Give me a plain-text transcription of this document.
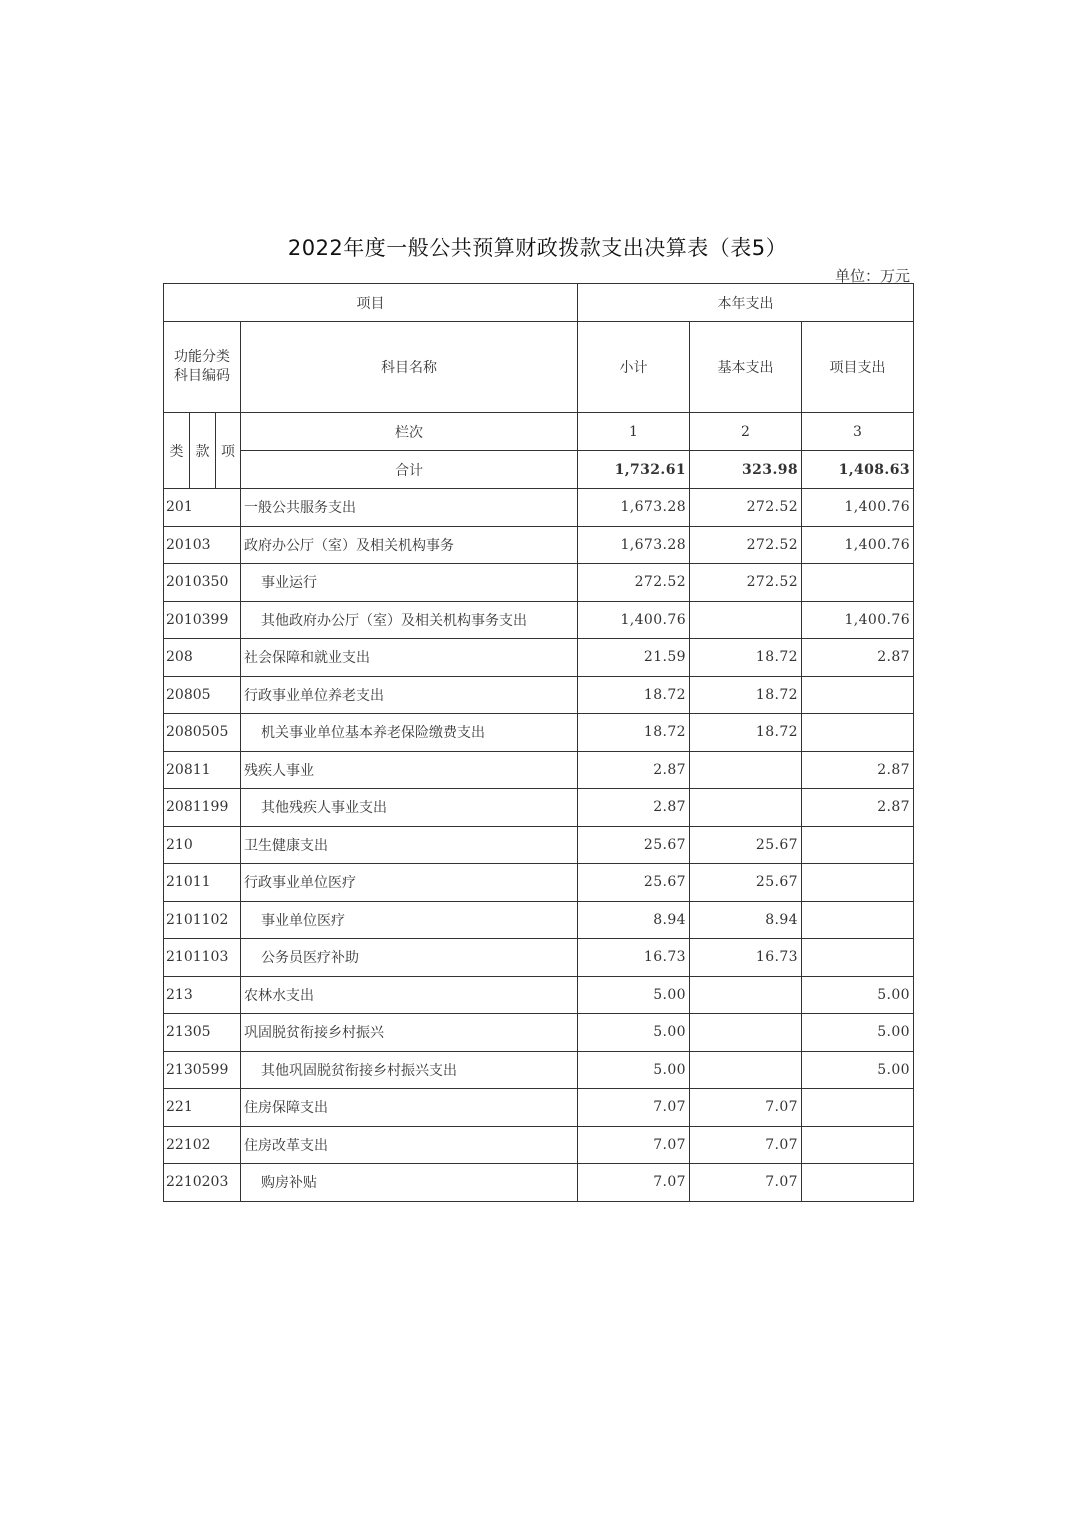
2022年度一般公共预算财政拨款支出决算表（表5）
单位：万元
项目				本年支出		
功能分类科目编码			科目名称	小计	基本支出	项目支出
类	款	项	栏次	1	2	3
			合计	1,732.61	323.98	1,408.63
201			一般公共服务支出	1,673.28	272.52	1,400.76
20103			政府办公厅（室）及相关机构事务	1,673.28	272.52	1,400.76
2010350			事业运行	272.52	272.52	
2010399			其他政府办公厅（室）及相关机构事务支出	1,400.76		1,400.76
208			社会保障和就业支出	21.59	18.72	2.87
20805			行政事业单位养老支出	18.72	18.72	
2080505			机关事业单位基本养老保险缴费支出	18.72	18.72	
20811			残疾人事业	2.87		2.87
2081199			其他残疾人事业支出	2.87		2.87
210			卫生健康支出	25.67	25.67	
21011			行政事业单位医疗	25.67	25.67	
2101102			事业单位医疗	8.94	8.94	
2101103			公务员医疗补助	16.73	16.73	
213			农林水支出	5.00		5.00
21305			巩固脱贫衔接乡村振兴	5.00		5.00
2130599			其他巩固脱贫衔接乡村振兴支出	5.00		5.00
221			住房保障支出	7.07	7.07	
22102			住房改革支出	7.07	7.07	
2210203			购房补贴	7.07	7.07	
